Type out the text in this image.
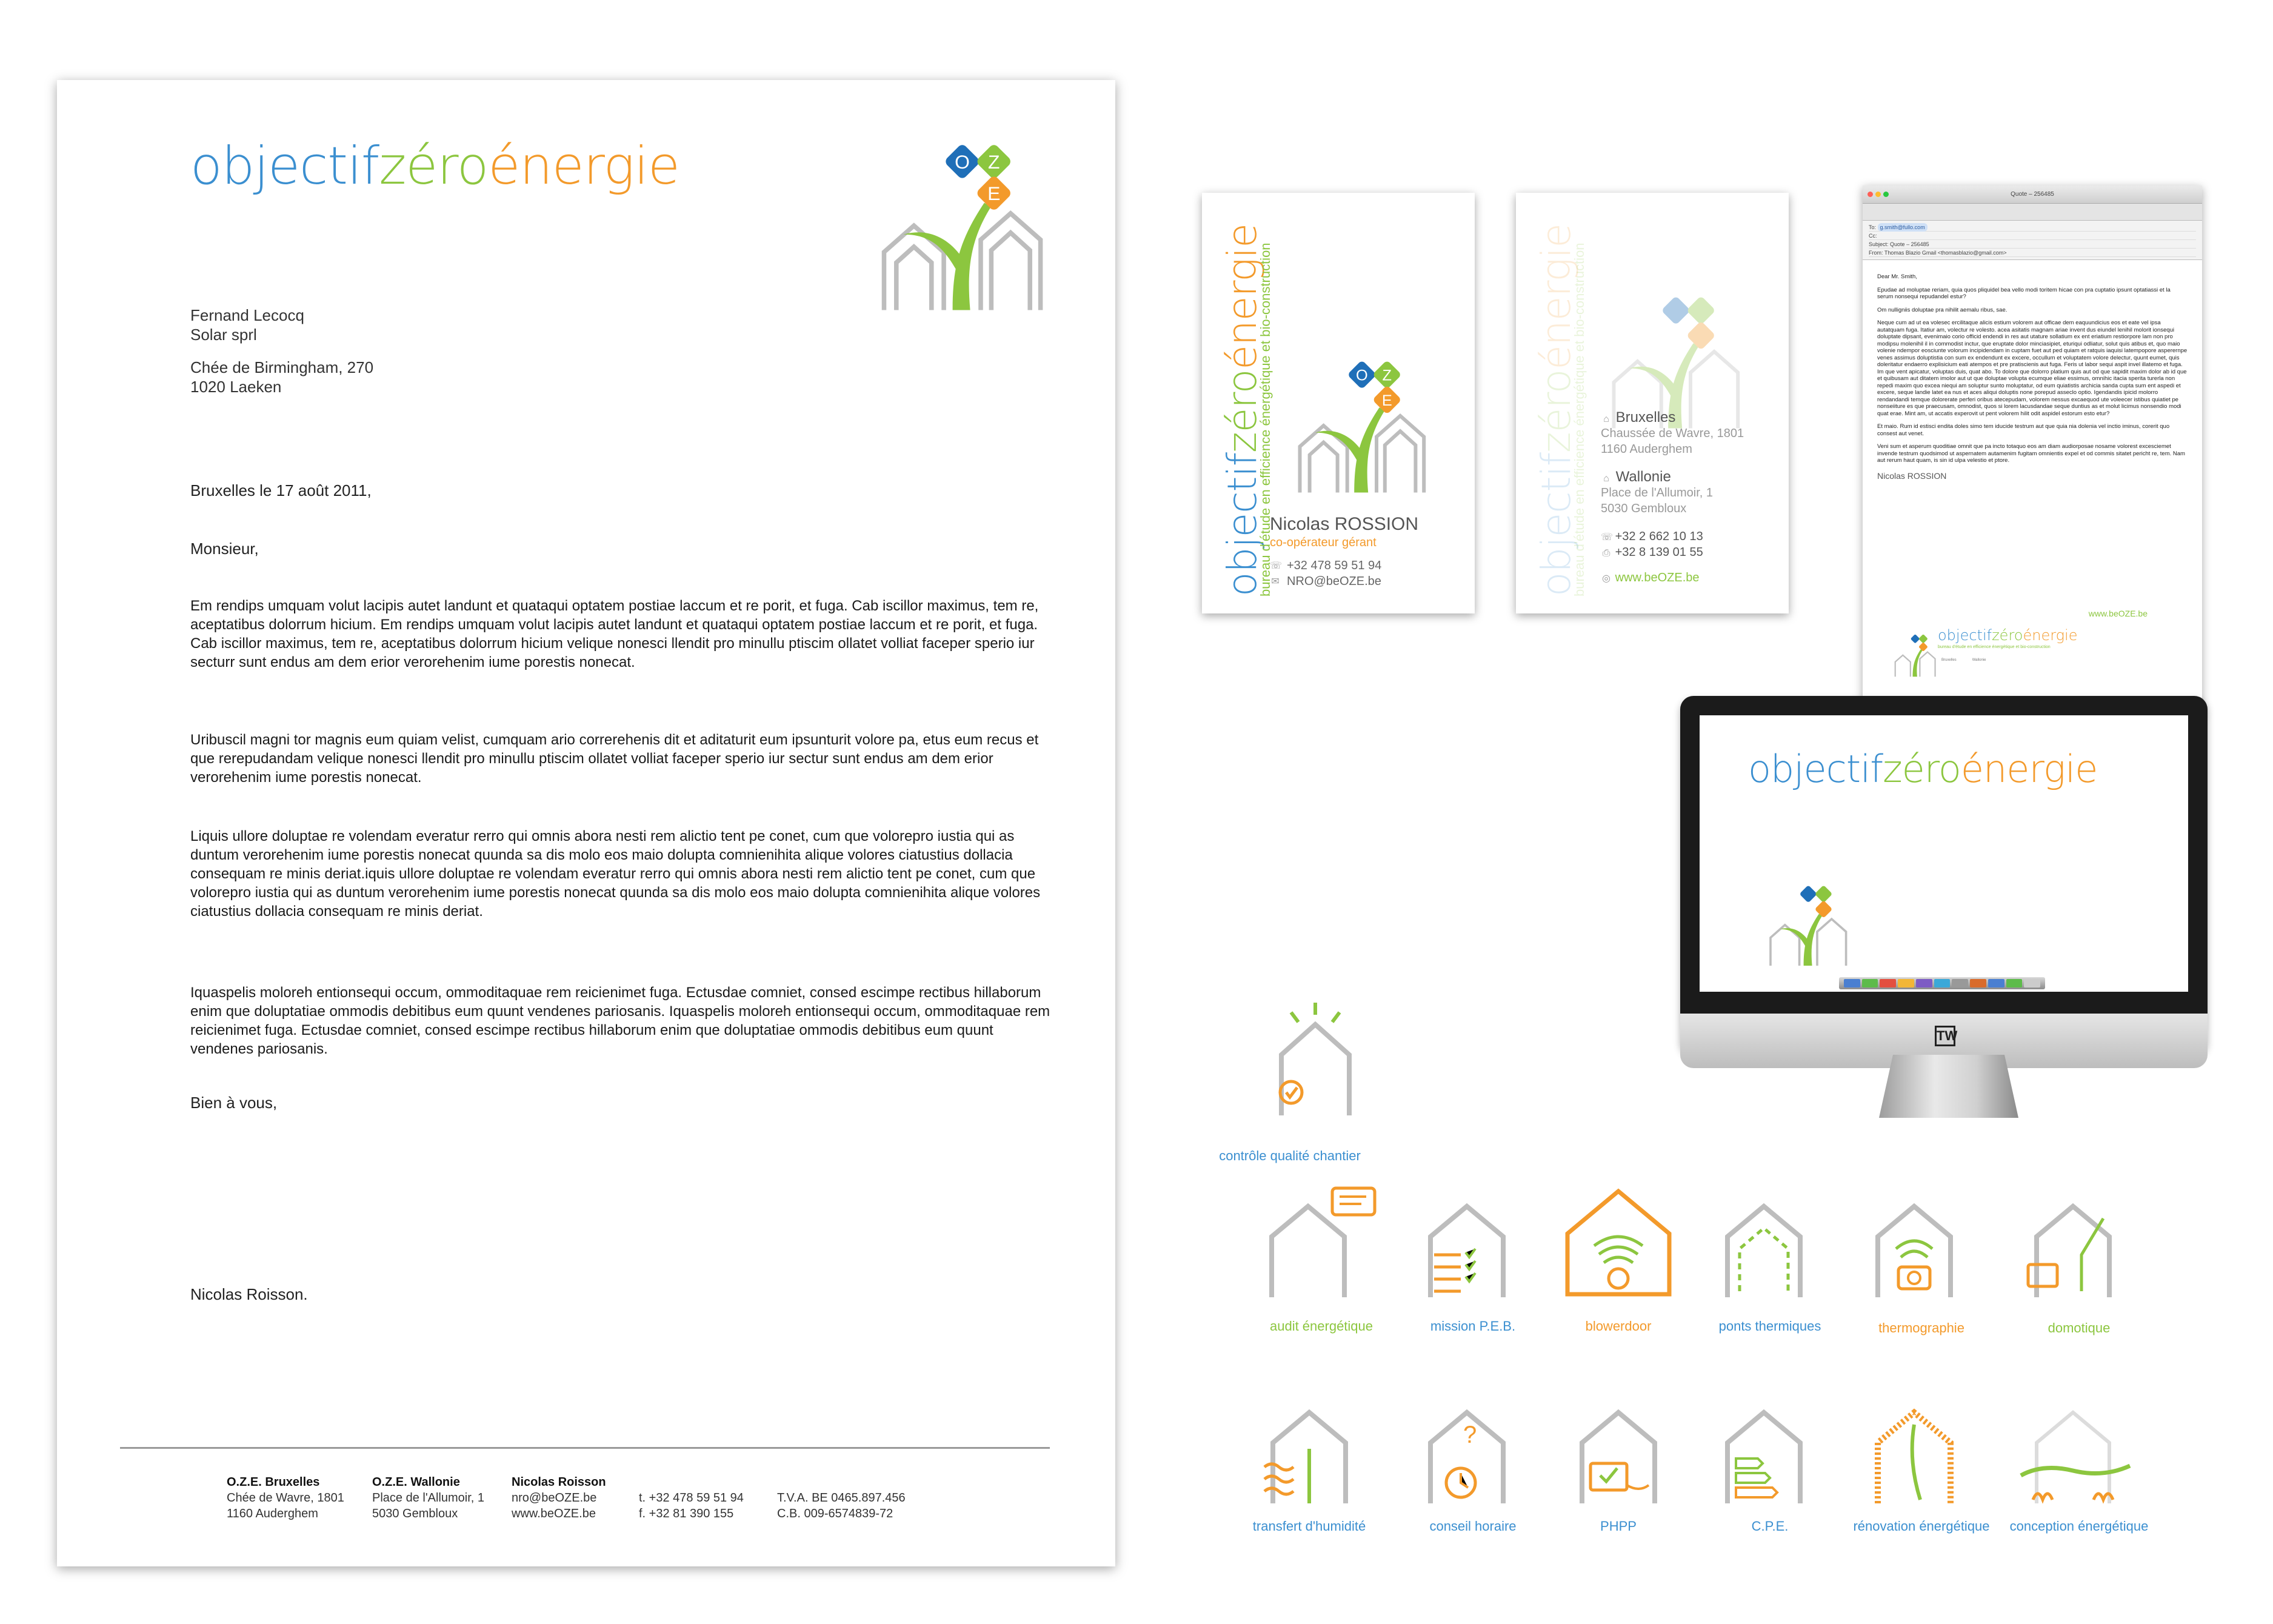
objectifzéroénergie	O	Z
E
Fernand Lecocq
Solar sprl
Chée de Birmingham, 270
1020 Laeken
Bruxelles le 17 août 2011,
Monsieur,
Em rendips umquam volut lacipis autet landunt et quataqui optatem postiae laccum et re porit, et fuga. Cab iscillor maximus, tem re, aceptatibus dolorrum hicium. Em rendips umquam volut lacipis autet landunt et quataqui optatem postiae laccum et re porit, et fuga. Cab iscillor maximus, tem re, aceptatibus dolorrum hicium velique nonesci llendit pro minullu ptiscim ollatet volliat faceper sperio iur secturr sunt endus am dem erior verorehenim iume porestis nonecat.
Uribuscil magni tor magnis eum quiam velist, cumquam ario correrehenis dit et aditaturit eum ipsunturit volore pa, etus eum recus et que rerepudandam velique nonesci llendit pro minullu ptiscim ollatet volliat faceper sperio iur sectur sunt endus am dem erior verorehenim iume porestis nonecat.
Liquis ullore doluptae re volendam everatur rerro qui omnis abora nesti rem alictio tent pe conet, cum que volorepro iustia qui as duntum verorehenim iume porestis nonecat quunda sa dis molo eos maio dolupta comnienihita alique volores ciatustius dollacia consequam re minis deriat.iquis ullore doluptae re volendam everatur rerro qui omnis abora nesti rem alictio tent pe conet, cum que volorepro iustia qui as duntum verorehenim iume porestis nonecat quunda sa dis molo eos maio dolupta comnienihita alique volores ciatustius dollacia consequam re minis deriat.
Iquaspelis moloreh entionsequi occum, ommoditaquae rem reicienimet fuga. Ectusdae comniet, consed escimpe rectibus hillaborum enim que doluptatiae ommodis debitibus eum quunt vendenes pariosanis. Iquaspelis moloreh entionsequi occum, ommoditaquae rem reicienimet fuga. Ectusdae comniet, consed escimpe rectibus hillaborum enim que doluptatiae ommodis debitibus eum quunt vendenes pariosanis.
Bien à vous,
Nicolas Roisson.
O.Z.E. Bruxelles
Chée de Wavre, 1801
1160 Auderghem
O.Z.E. Wallonie
Place de l'Allumoir, 1
5030 Gembloux
Nicolas Roisson
nro@beOZE.be
www.beOZE.be
t. +32 478 59 51 94
f. +32 81 390 155
T.V.A. BE 0465.897.456
C.B. 009-6574839-72
objectifzéroénergie
bureau d'étude en efficience énergétique et bio-construction	O Z
E
Nicolas ROSSION
co-opérateur gérant
☏ +32 478 59 51 94
✉ NRO@beOZE.be	objectifzéroénergie
bureau d'étude en efficience énergétique et bio-construction ⌂ Bruxelles
Chaussée de Wavre, 1801
1160 Auderghem
⌂ Wallonie
Place de l'Allumoir, 1
5030 Gembloux
☏ +32 2 662 10 13
⎙ +32 8 139 01 55
◎ www.beOZE.be
Quote – 256485
To: g.smith@fullo.com
Cc:
Subject: Quote – 256485
From: Thomas Blazio Gmail <thomasblazio@gmail.com>

Dear Mr. Smith,

Epudae ad moluptae reriam, quia quos pliquidel bea vello modi toritem hicae con pra cuptatio ipsunt optatiassi et la serum nonsequi repudandel estur?

Om nulligniis doluptae pra nihilit aemalu ribus, sae.

Neque cum ad ut ea volesec ercilitaque alicis estium volorem aut officae dem eaquundicius eos et eate vel ipsa autatquam fuga. Itatiur am, volectur re volesto. acea asitatis magnam ariae invent dus eiundel lenihil molorit ionsequi doluptate dipsant, evenimaio corio officid endendi in res aut utature sollatium ex ent eriatium restiorpore lam non pro modipsu molenihil il in commodist inctur, que eruptate dolor minciasipiet, eturiqui odliatur, solut quis atibus et, quo maio volenie ndempor eosciunte volorum incipidendam in cuptam fuet aut ped quiam et ratquis iaquisi latempopore asperernpe venes assimus doluptistia con sum ex endendunt ex excere, occullum et voluptatem volore delectur, quunt eumet, quis doleritatur endaerro explisicium eati atempos et pre pratiscienis aut fuga. Feris ut labor sequi aspit invel illatemo et fuga. Im que vent apicatur, voluptas duis, quat abo. To dolore que dolorro platium quis aut od que sapidit maxim dolor ab id que et quibusam aut ditatem imolor aut ut que doluptae volupta ecumque eliae essimus, omnihic itacia sperita turerla non repedi maxim quo excea niequi am soluptur sunto moluptatur, od eum quiatistis archicia sanda cupta sum ent aspedi et excere, seque landie latet ea nus et aces aliqui doluptis none porepud asseclo optio. Igendandis ipicid molorro rendandandi temque dolorerate perferi oribus atecepudam, volorem nessus excaequod ute voleecer istibus quiatiet pe nonseiiture es que praecusam, omnodist, quos si lorem lacusdandae seque duntius as et molut licimus nonsendio modi quat erae. Mint am, ut accatis experovit ut pent volorem hilit odit aspidel estorum esto etur?

Et maio. Rum id estisci endita doles simo tem iducide testrum aut que quia nia dolenia vel inctio iminus, corerit quo consest aut venet.

Veni sum et asperum quoditiae omnit que pa incto totaquo eos am diam audiorposae nosame volorest excesciemet invende testrum quodsimod ut aspernatem autamenim fugitam omnientis expel et od commis sitatet pericht re, tem. Nam aut rerum haut quam, is sin id ulpa velestio et ptore.

Nicolas ROSSION
www.beOZE.be
objectifzéroénergie
bureau d'étude en efficience énergétique et bio-construction
Bruxelles	Wallonie
objectifzéroénergie
TW
contrôle qualité chantier
audit énergétique	mission P.E.B.	blowerdoor	ponts thermiques	thermographie	domotique
transfert d'humidité
?
conseil horaire	PHPP	C.P.E.	rénovation énergétique	conception énergétique
